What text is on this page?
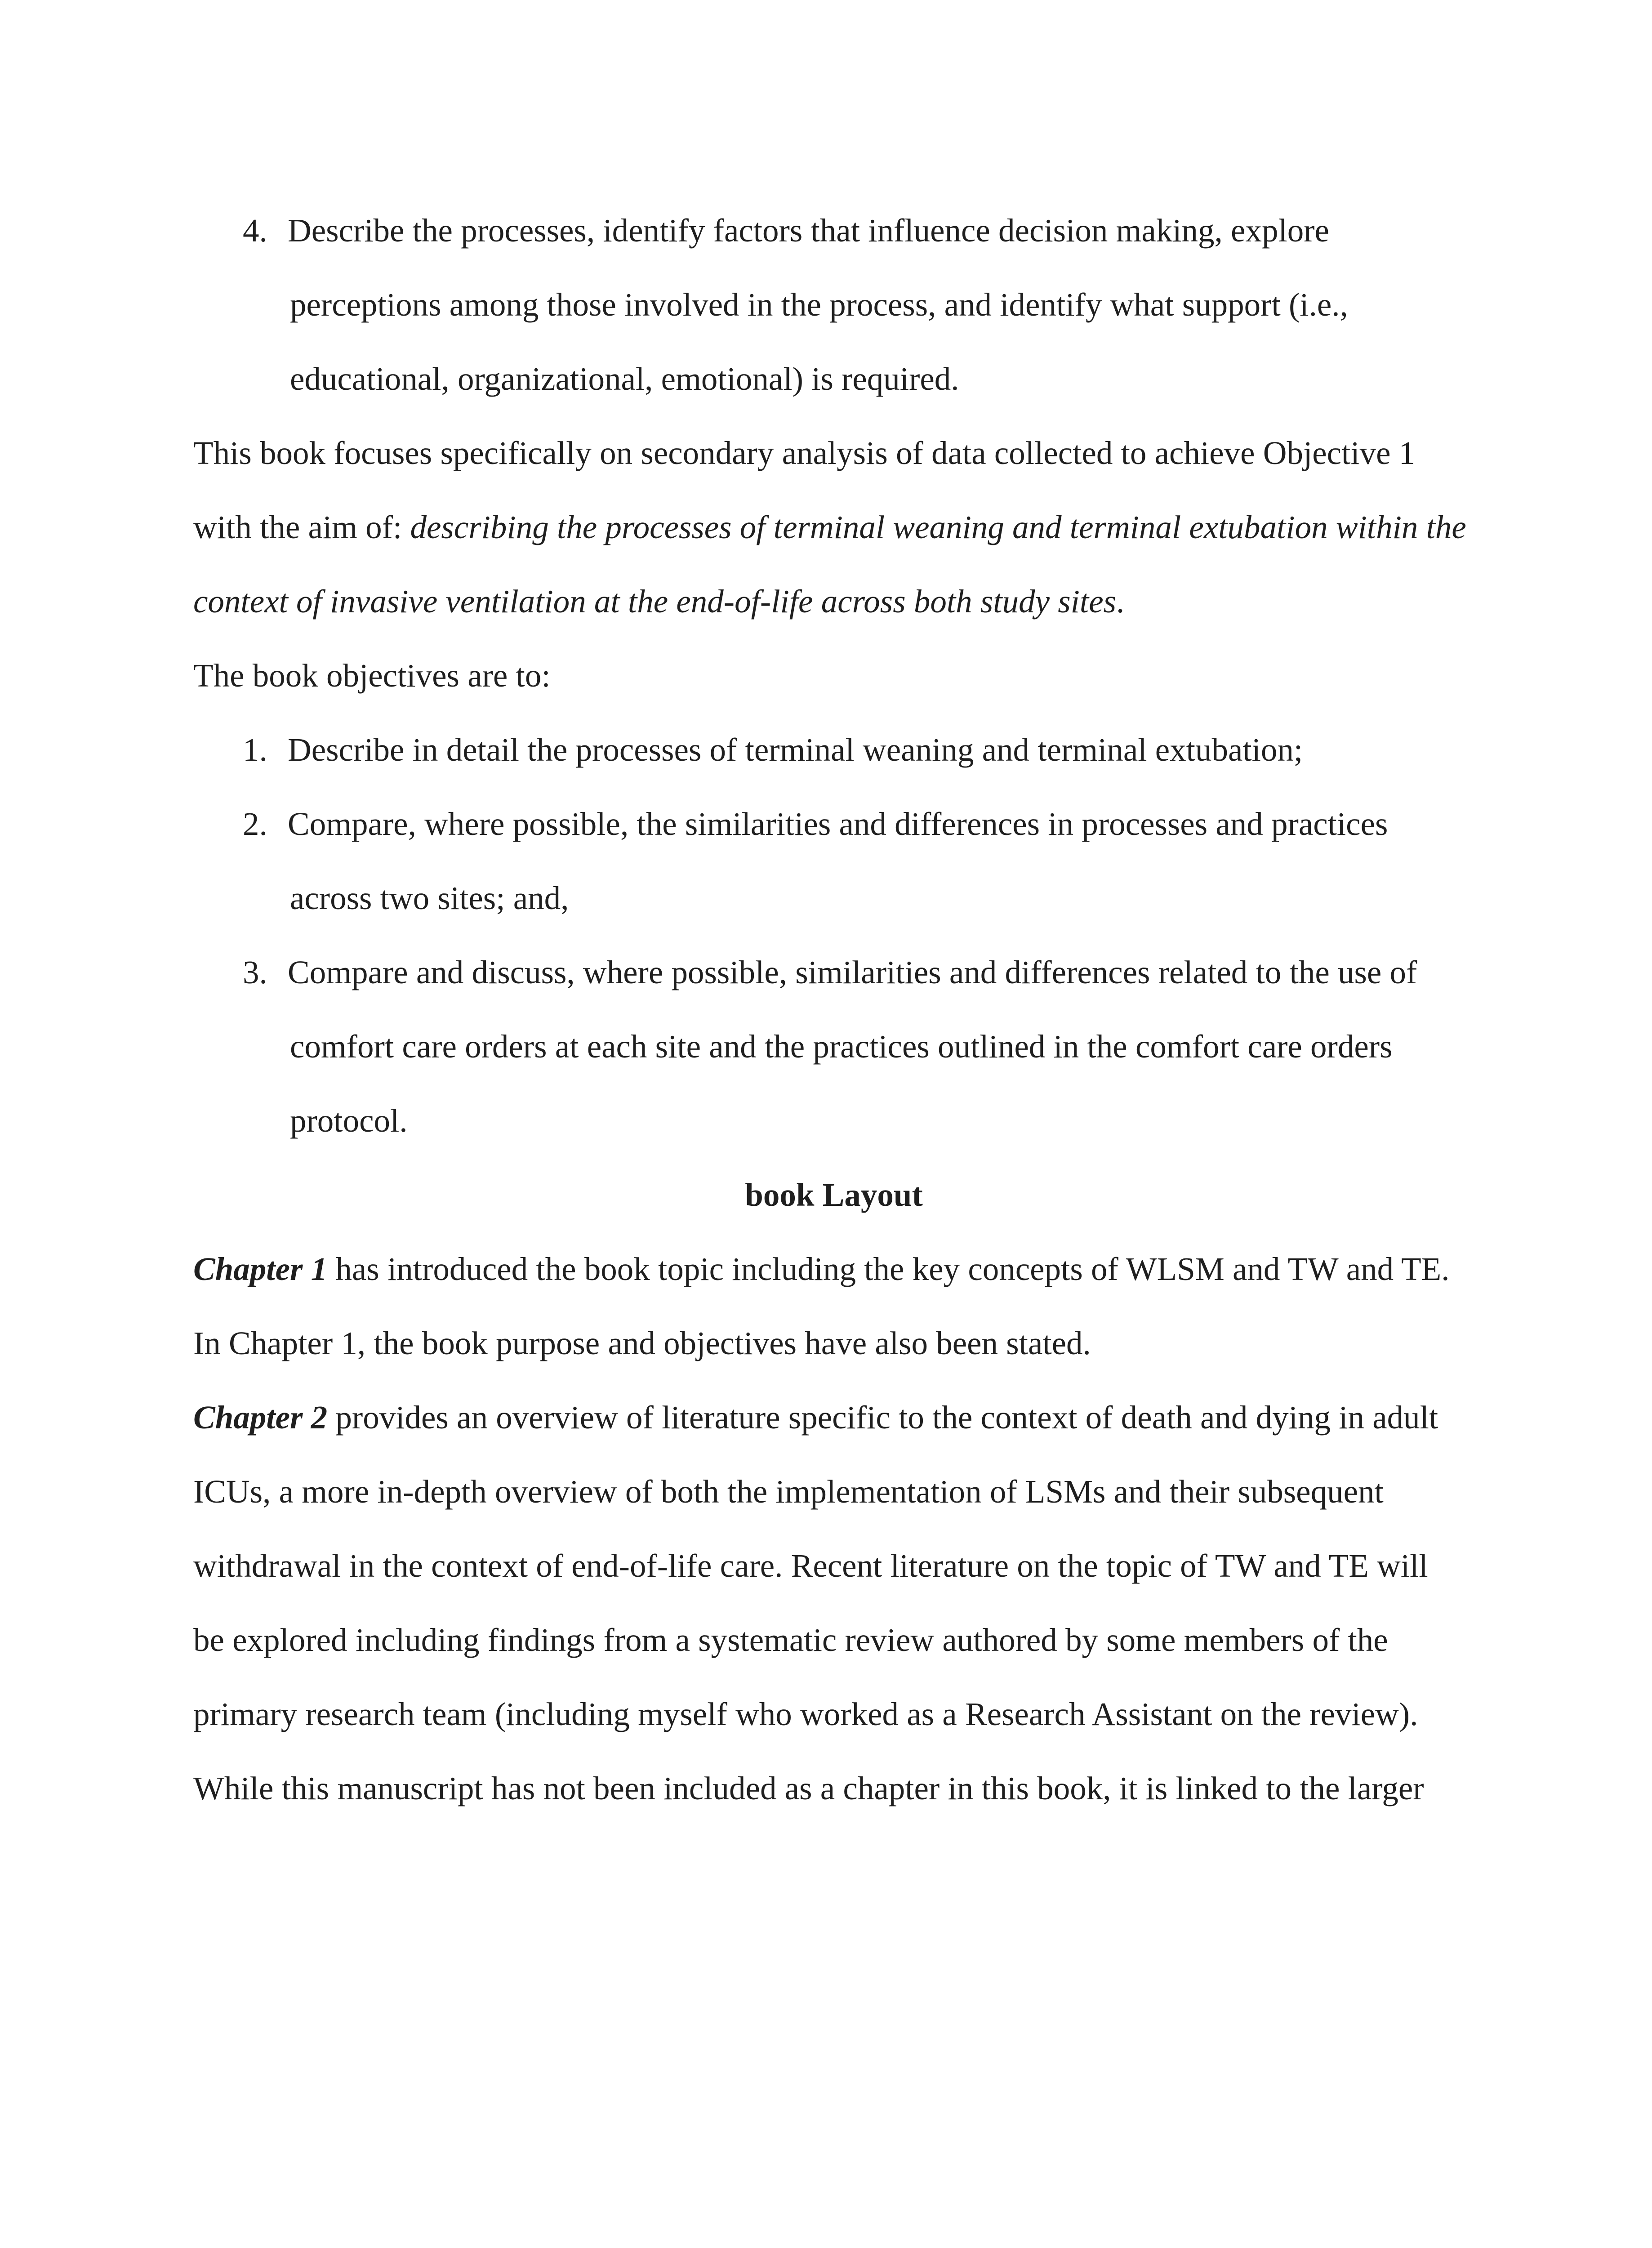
4. Describe the processes, identify factors that influence decision making, explore
perceptions among those involved in the process, and identify what support (i.e.,
educational, organizational, emotional) is required.
This book focuses specifically on secondary analysis of data collected to achieve Objective 1
with the aim of: describing the processes of terminal weaning and terminal extubation within the
context of invasive ventilation at the end-of-life across both study sites.
The book objectives are to:
1. Describe in detail the processes of terminal weaning and terminal extubation;
2. Compare, where possible, the similarities and differences in processes and practices
across two sites; and,
3. Compare and discuss, where possible, similarities and differences related to the use of
comfort care orders at each site and the practices outlined in the comfort care orders
protocol.
book Layout
Chapter 1 has introduced the book topic including the key concepts of WLSM and TW and TE.
In Chapter 1, the book purpose and objectives have also been stated.
Chapter 2 provides an overview of literature specific to the context of death and dying in adult
ICUs, a more in-depth overview of both the implementation of LSMs and their subsequent
withdrawal in the context of end-of-life care. Recent literature on the topic of TW and TE will
be explored including findings from a systematic review authored by some members of the
primary research team (including myself who worked as a Research Assistant on the review).
While this manuscript has not been included as a chapter in this book, it is linked to the larger
